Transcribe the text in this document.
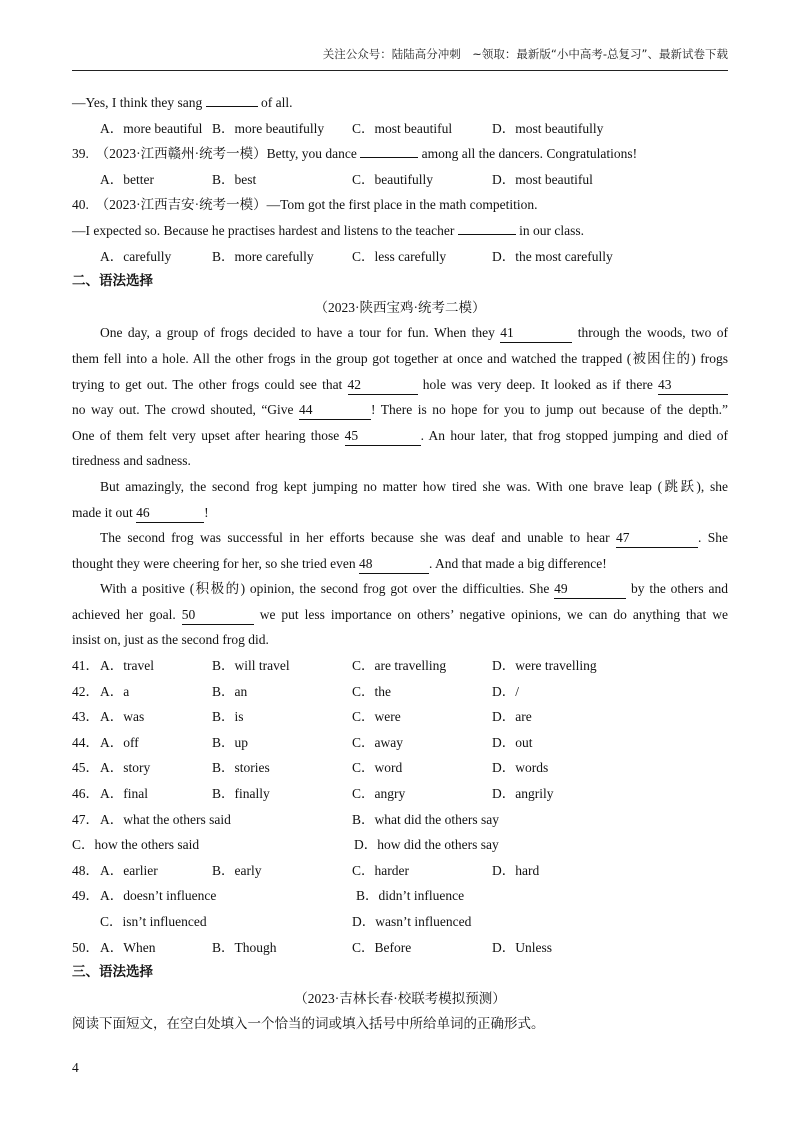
关注公众号：陆陆高分冲刺　~领取：最新版“小中高考-总复习”、最新试卷下载
—Yes, I think they sang	of all.
A．more beautiful B．more beautifully C．most beautiful	D．most beautifully
39.　（2023·江西赣州·统考一模）Betty, you dance	among all the dancers. Congratulations!
A．better	B．best	C．beautifully	D．most beautiful
40.　（2023·江西吉安·统考一模）—Tom got the first place in the math competition.
—I expected so. Because he practises hardest and listens to the teacher	in our class.
A．carefully	B．more carefully	C．less carefully	D．the most carefully
二、语法选择
（2023·陕西宝鸡·统考二模）
One day, a group of frogs decided to have a tour for fun. When they 41	through the woods, two of
them fell into a hole. All the other frogs in the group got together at once and watched the trapped (被困住的) frogs
trying to get out. The other frogs could see that 42	hole was very deep. It looked as if there 43
no way out. The crowd shouted, “Give 44	! There is no hope for you to jump out because of the depth.”
One of them felt very upset after hearing those 45	. An hour later, that frog stopped jumping and died of
tiredness and sadness.
But amazingly, the second frog kept jumping no matter how tired she was. With one brave leap (跳跃), she
made it out 46	!
The second frog was successful in her efforts because she was deaf and unable to hear 47	. She
thought they were cheering for her, so she tried even 48	. And that made a big difference!
With a positive (积极的) opinion, the second frog got over the difficulties. She 49	by the others and
achieved her goal. 50	we put less importance on others’ negative opinions, we can do anything that we
insist on, just as the second frog did.
41． A．travel	B．will travel	C．are travelling	D．were travelling
42． A．a	B．an	C．the	D．/
43． A．was	B．is	C．were	D．are
44． A．off	B．up	C．away	D．out
45． A．story	B．stories	C．word	D．words
46． A．final	B．finally	C．angry	D．angrily
47． A．what the others said	B．what did the others say
C．how the others said	D．how did the others say
48． A．earlier	B．early	C．harder	D．hard
49． A．doesn’t influence	B．didn’t influence
C．isn’t influenced	D．wasn’t influenced
50． A．When	B．Though	C．Before	D．Unless
三、语法选择
（2023·吉林长春·校联考模拟预测）
阅读下面短文，在空白处填入一个恰当的词或填入括号中所给单词的正确形式。
4
